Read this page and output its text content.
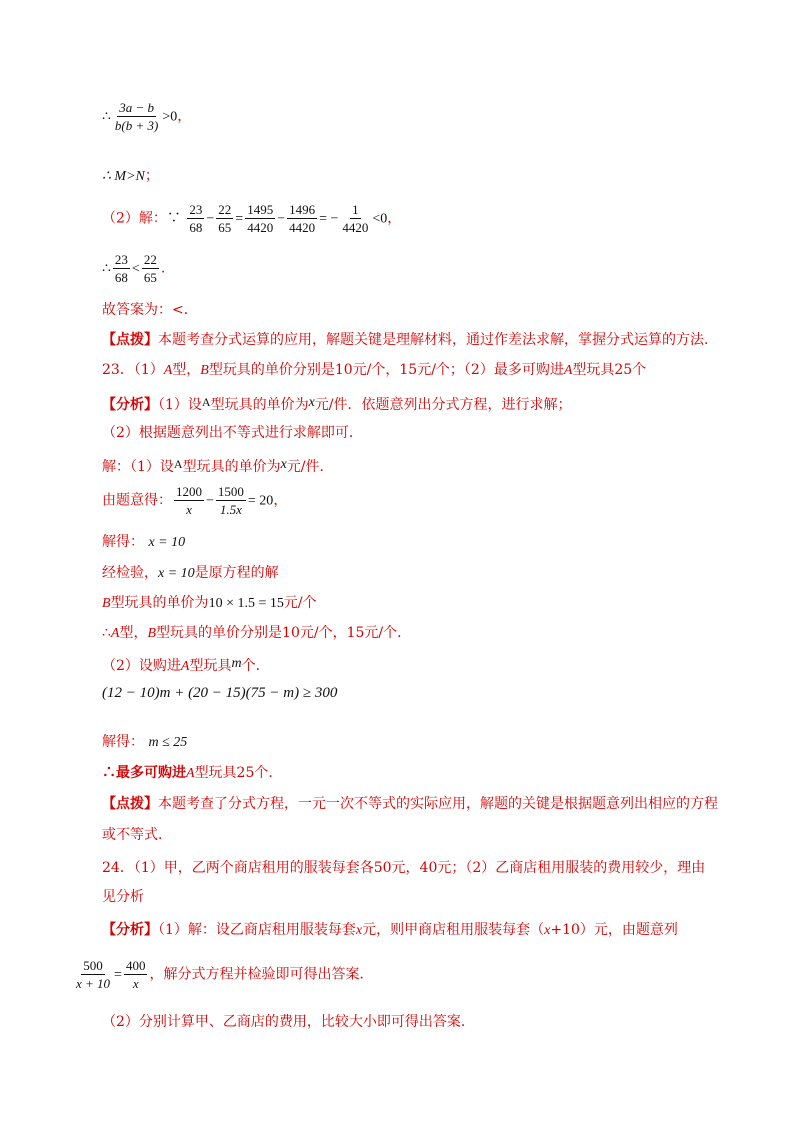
∴ $\frac{3a - b}{b(b + 3)} >0$，
∴ M>N；
（2）解：∵ $\frac{23}{68} - \frac{22}{65} = \frac{1495}{4420} - \frac{1496}{4420}$ = − $\frac{1}{4420} <0$，
∴ $\frac{23}{68} < \frac{22}{65}$ .
故答案为：<．
【点拨】本题考查分式运算的应用，解题关键是理解材料，通过作差法求解，掌握分式运算的方法.
23．（1）A型，B型玩具的单价分别是10元/个，15元/个；（2）最多可购进A型玩具25个
【分析】（1）设A型玩具的单价为x元/件．依题意列出分式方程，进行求解；
（2）根据题意列出不等式进行求解即可．
解：（1）设A型玩具的单价为x元/件．
由题意得： $\frac{1200}{x} - \frac{1500}{1.5x} = 20$，
解得： x = 10
经检验，x = 10是原方程的解
B型玩具的单价为10 × 1.5 = 15元/个
∴A型，B型玩具的单价分别是10元/个，15元/个．
（2）设购进A型玩具m个．
(12 − 10)m + (20 − 15)(75 − m) ≥ 300
解得： m ≤ 25
∴最多可购进A型玩具25个．
【点拨】本题考查了分式方程，一元一次不等式的实际应用，解题的关键是根据题意列出相应的方程
或不等式．
24．（1）甲，乙两个商店租用的服装每套各50元，40元；（2）乙商店租用服装的费用较少，理由
见分析
【分析】（1）解：设乙商店租用服装每套x元，则甲商店租用服装每套（x+10）元，由题意列
$\frac{500}{x + 10} = \frac{400}{x}$ ，解分式方程并检验即可得出答案．
（2）分别计算甲、乙商店的费用，比较大小即可得出答案．
